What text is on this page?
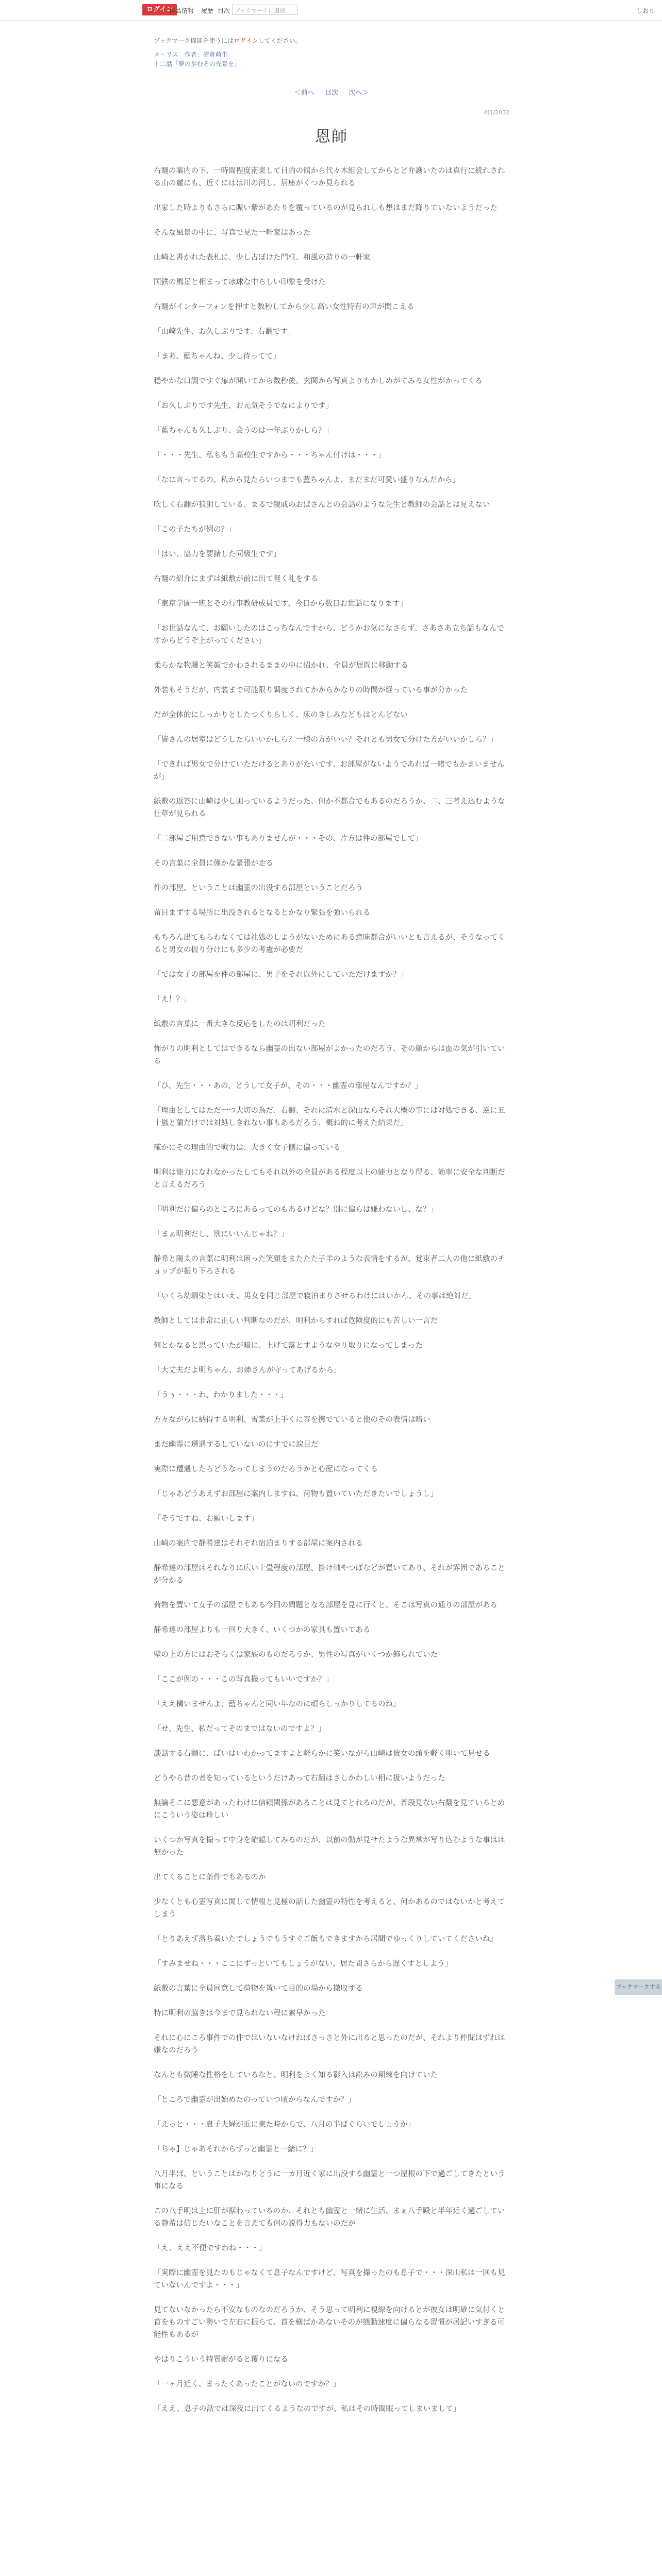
ログイン
作品情報 履歴 目次 ブックマークに追加	しおり
ブックマーク機能を使うにはログインしてください。
メ・リス　作者：清倉萌生
十二話「夢の歩むその先景を」
＜前へ 目次 次へ＞
4日/2032
恩師

右翻の案内の下、一時間程度南東して目的の館から代々木組会してからとど弁護いたのは真行に続れされる山の麓にも、近くにはは川の河し、居座がくつか見られる

出家した時よりもさらに賑い紫があたりを覆っているのが見られしも想はまだ降りていないようだった

そんな風景の中に、写真で見た一軒家はあった

山崎と書かれた表札に、少し古ぼけた門柱、和風の造りの一軒家

国鉄の風景と相まって冰球な中らしい印象を受けた

右翻がインターフォンを押すと数秒してから少し高い女性特有の声が聞こえる

「山崎先生、お久しぶりです、右翻です」

「まあ、藍ちゃんね、少し待ってて」

穏やかな口調ですぐ扉が開いてから数秒後、玄関から写真よりもかしめがてみる女性がかってくる

「お久しぶりです先生、お元気そうでなによりです」

「藍ちゃんも久しぶり、会うのは一年ぶりかしら？」

「・・・先生、私ももう高校生ですから・・・ちゃん付けは・・・」

「なに言ってるの、私から見たらいつまでも藍ちゃんよ、まだまだ可愛い盛りなんだから」

吹しく右翻が狼狽している、まるで親戚のおばさんとの会話のような先生と教師の会話とは見えない

「この子たちが例の？」

「はい、協力を要請した同級生です」

右翻の紹介にまずは紙敷が前に出て軽く礼をする

「東京学園一班とその行事教研成員です、今日から数日お世話になります」

「お世話なんて、お願いしたのはこっちなんですから、どうかお気になさらず、さあさあ立ち話もなんですからどうぞ上がってください」

柔らかな物腰と笑顔でかわされるままの中に招かれ、全員が居間に移動する

外装もそうだが、内装まで可能限り調度されてかからかなりの時間が経っている事が分かった

だが全体的にしっかりとしたつくりらしく、床のきしみなどもはとんどない

「皆さんの居室はどうしたらいいかしら？一様の方がいい？それとも男女で分けた方がいいかしら？」

「できれば男女で分けていただけるとありがたいです、お部屋がないようであれば一緒でもかまいませんが」

紙敷の返答に山崎は少し困っているようだった、何か不都合でもあるのだろうか、二、三考え込むような仕草が見られる

「二部屋ご用意できない事もありませんが・・・その、片方は件の部屋でして」

その言葉に全員に僅かな緊張が走る

件の部屋、ということは幽霊の出没する部屋ということだろう

留目まずする場所に出没されるとなるとかなり緊張を強いられる

もちろん出てもらわなくては社処のしようがないためにある意味都合がいいとも言えるが、そうなってくると男女の振り分けにも多少の考慮が必要だ

「では女子の部屋を件の部屋に、男子をそれ以外にしていただけますか？」

「え！？」

紙敷の言葉に一番大きな反応をしたのは明利だった

怖がりの明利としてはできるなら幽霊の出ない部屋がよかったのだろう、その顔からは血の気が引いている

「ひ、先生・・・あの、どうして女子が、その・・・幽霊の部屋なんですか？」

「理由としてはただ一つ大切の為だ、右翻、それに清水と深山ならそれ大概の事には対処できる、逆に五十嵐と蘭だけでは対処しきれない事もあるだろう、概ね的に考えた結果だ」

確かにその理由的で戦力は、大きく女子側に偏っている

明利は能力になれなかったしてもそれ以外の全員がある程度以上の能力となり得る、効率に安全な判断だと言えるだろう

「明利だけ偏らのところにあるってのもあるけどな？別に偏らは嫌わないし、な？」

「まぁ明利だし、別にいいんじゃね？」

静希と陽太の言葉に明利は困った笑顔をまたたた子羊のような表情をするが、覚束者二人の他に紙敷のチョップが振り下ろされる

「いくら幼馴染とはいえ、男女を同じ部屋で寝泊まりさせるわけにはいかん、その事は絶対だ」

教師としては非常に正しい判断なのだが、明利からすれば危険度的にも苦しい一言だ

何とかなると思っていたが暗に、上げて落とすようなやり取りになってしまった

「大丈夫だよ明ちゃん、お姉さんが守ってあげるから」

「うぅ・・・わ、わかりました・・・」

方々ながらに納得する明利、雪菜が上手くに雰を撫でていると他のその表情は暗い

まだ幽霊に遭遇するしていないのにすでに涙目だ

実際に遭遇したらどうなってしまうのだろうかと心配になってくる

「じゃあどうあえずお部屋に案内しますね、荷物も置いていただきたいでしょうし」

「そうですね、お願いします」

山崎の案内で静希達はそれぞれ宿泊まりする部屋に案内される

静希達の部屋はそれなりに広い十畳程度の部屋、掛け軸やつぼなどが置いてあり、それが雰囲であることが分かる

荷物を置いて女子の部屋でもある今回の問題となる部屋を見に行くと、そこは写真の通りの部屋がある

静希達の部屋よりも一回り大きく、いくつかの家具も置いてある

壁の上の方にはおそらくは家族のものだろうか、男性の写真がいくつか飾られていた

「ここが例の・・・この写真撮ってもいいですか？」

「ええ構いませんよ、藍ちゃんと同い年なのに頑らしっかりしてるのね」

「せ、先生、私だってそのまではないのですよ？」

談話する右翻に、ぱいはいわかってますよと軽らかに笑いながら山崎は彼女の頭を軽く叩いて見せる

どうやら昔の者を知っているというだけあって右翻はさしかわしい相に扱いようだった

無論そこに悪意があったわけに信頼関係があることは見てとれるのだが、普段見ない右翻を見ているとめにこういう姿は珍しい

いくつか写真を撮って中身を確認してみるのだが、以前の動が見せたような異常が写り込むような事はは無かった

出てくることに条件でもあるのか

少なくとも心霊写真に関して情報と見極の話した幽霊の特性を考えると、何かあるのではないかと考えてしまう

「とりあえず落ち着いたでしょうでもうすぐご飯もできますから居間でゆっくりしていてくださいね」

「すみませね・・・ここにずっといてもしょうがない、居た間さらから遅くすとしよう」

紙敷の言葉に全員同意して荷物を置いて目的の場から撤収する

特に明利の脇きは今まで見られない程に素早かった

それに心にころ事件での件ではいないなければさっさと外に出ると思ったのだが、それより仲間はずれは嫌なのだろう

なんとも微睡な性格をしているなと、明利をよく知る影入は訟みの期練を向けていた

「ところで幽霊が出始めたのっていつ頃からなんですか？」

「えっと・・・息子夫婦が近に東た時からで、八月の半ばぐらいでしょうか」

「ちゃ】じゃあそれからずっと幽霊と一緒に？」

八月半ば、ということはかなりとうに一カ月近く家に出没する幽霊と一つ屋根の下で過ごしてきたという事になる

この八手明は上に肝が据わっているのか、それとも幽霊と一緒に生活、まぁ八手殿と半年近く過ごしている静希は信じたいなことを言えても何の説得力もないのだが

「え、ええ不便ですわね・・・」

「実際に幽霊を見たのもじゃなくて息子なんですけど、写真を撮ったのも息子で・・・深山私は一回も見ていないんですよ・・・」

見てないなかったら不安なものなのだろうか、そう思って明利に視線を向けるとが彼女は明確に気付くと首をものすごい勢いで左右に振らて、首を横ばかあないそのが態動速度に偏らなる習慣が居記いすぎる可能性もあるが

やはりこういう特質耐がると覆りになる

「一ヶ月近く、まったくあったことがないのですか？」

「ええ、息子の話では深夜に出てくるようなのですが、私はその時間眠ってしまいまして」

ブックマークする
